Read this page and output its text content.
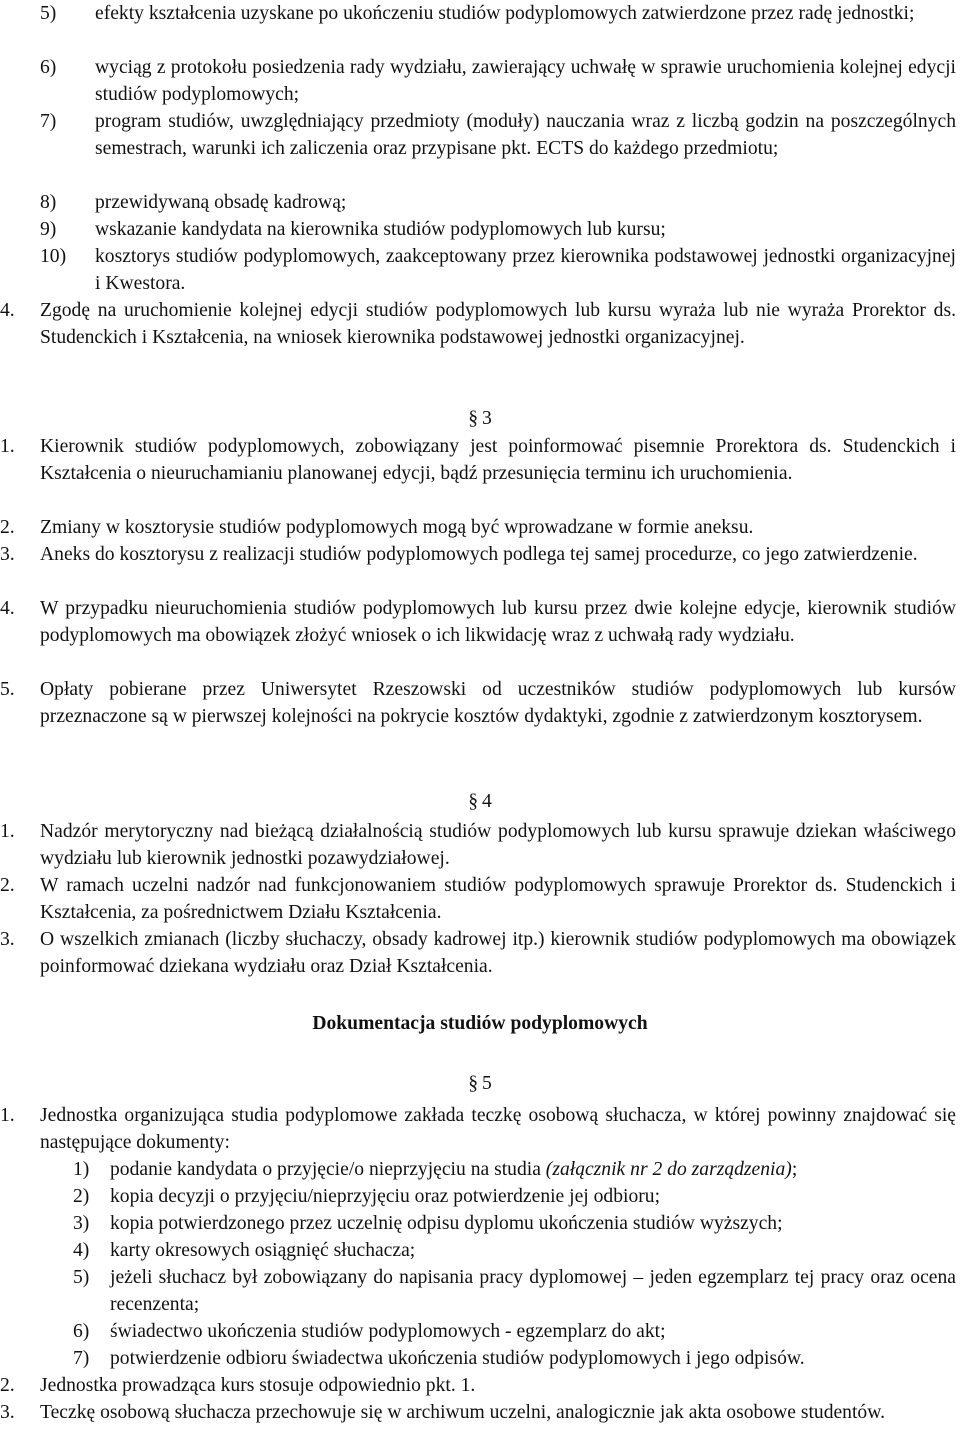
5) efekty kształcenia uzyskane po ukończeniu studiów podyplomowych zatwierdzone przez radę jednostki;
6) wyciąg z protokołu posiedzenia rady wydziału, zawierający uchwałę w sprawie uruchomienia kolejnej edycji studiów podyplomowych;
7) program studiów, uwzględniający przedmioty (moduły) nauczania wraz z liczbą godzin na poszczególnych semestrach, warunki ich zaliczenia oraz przypisane pkt. ECTS do każdego przedmiotu;
8) przewidywaną obsadę kadrową;
9) wskazanie kandydata na kierownika studiów podyplomowych lub kursu;
10) kosztorys studiów podyplomowych, zaakceptowany przez kierownika podstawowej jednostki organizacyjnej i Kwestora.
4. Zgodę na uruchomienie kolejnej edycji studiów podyplomowych lub kursu wyraża lub nie wyraża Prorektor ds. Studenckich i Kształcenia, na wniosek kierownika podstawowej jednostki organizacyjnej.
§ 3
1. Kierownik studiów podyplomowych, zobowiązany jest poinformować pisemnie Prorektora ds. Studenckich i Kształcenia o nieuruchamianiu planowanej edycji, bądź przesunięcia terminu ich uruchomienia.
2. Zmiany w kosztorysie studiów podyplomowych mogą być wprowadzane w formie aneksu.
3. Aneks do kosztorysu z realizacji studiów podyplomowych podlega tej samej procedurze, co jego zatwierdzenie.
4. W przypadku nieuruchomienia studiów podyplomowych lub kursu przez dwie kolejne edycje, kierownik studiów podyplomowych ma obowiązek złożyć wniosek o ich likwidację wraz z uchwałą rady wydziału.
5. Opłaty pobierane przez Uniwersytet Rzeszowski od uczestników studiów podyplomowych lub kursów przeznaczone są w pierwszej kolejności na pokrycie kosztów dydaktyki, zgodnie z zatwierdzonym kosztorysem.
§ 4
1. Nadzór merytoryczny nad bieżącą działalnością studiów podyplomowych lub kursu sprawuje dziekan właściwego wydziału lub kierownik jednostki pozawydziałowej.
2. W ramach uczelni nadzór nad funkcjonowaniem studiów podyplomowych sprawuje Prorektor ds. Studenckich i Kształcenia, za pośrednictwem Działu Kształcenia.
3. O wszelkich zmianach (liczby słuchaczy, obsady kadrowej itp.) kierownik studiów podyplomowych ma obowiązek poinformować dziekana wydziału oraz Dział Kształcenia.
Dokumentacja studiów podyplomowych
§ 5
1. Jednostka organizująca studia podyplomowe zakłada teczkę osobową słuchacza, w której powinny znajdować się następujące dokumenty:
1) podanie kandydata o przyjęcie/o nieprzyjęciu na studia (załącznik nr 2 do zarządzenia);
2) kopia decyzji o przyjęciu/nieprzyjęciu oraz potwierdzenie jej odbioru;
3) kopia potwierdzonego przez uczelnię odpisu dyplomu ukończenia studiów wyższych;
4) karty okresowych osiągnięć słuchacza;
5) jeżeli słuchacz był zobowiązany do napisania pracy dyplomowej – jeden egzemplarz tej pracy oraz ocena recenzenta;
6) świadectwo ukończenia studiów podyplomowych - egzemplarz do akt;
7) potwierdzenie odbioru świadectwa ukończenia studiów podyplomowych i jego odpisów.
2. Jednostka prowadząca kurs stosuje odpowiednio pkt. 1.
3. Teczkę osobową słuchacza przechowuje się w archiwum uczelni, analogicznie jak akta osobowe studentów.
